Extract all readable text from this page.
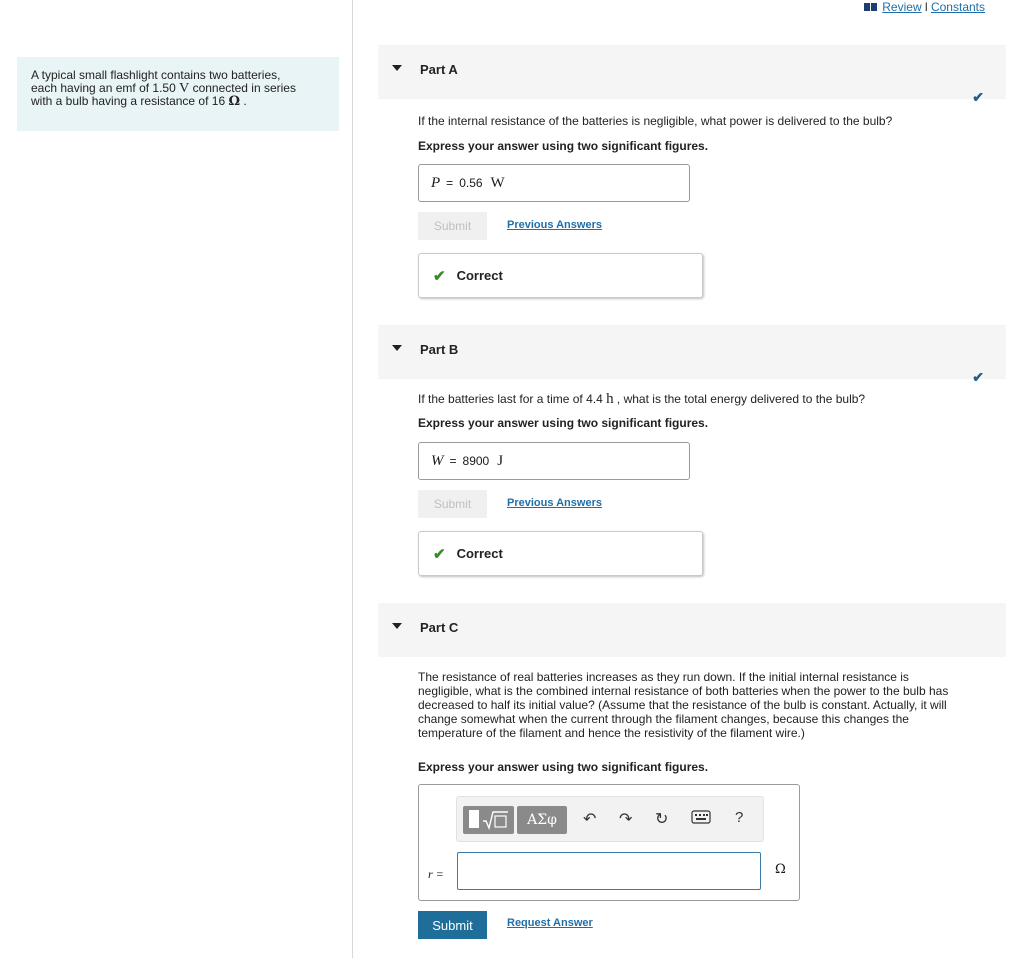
Review I Constants
A typical small flashlight contains two batteries,
each having an emf of 1.50 V connected in series
with a bulb having a resistance of 16 Ω .
Part A
✔
If the internal resistance of the batteries is negligible, what power is delivered to the bulb?
Express your answer using two significant figures.
P = 0.56 W
Submit	Previous Answers
✔ Correct
Part B
✔
If the batteries last for a time of 4.4 h , what is the total energy delivered to the bulb?
Express your answer using two significant figures.
W = 8900 J
Submit	Previous Answers
✔ Correct
Part C
The resistance of real batteries increases as they run down. If the initial internal resistance is
negligible, what is the combined internal resistance of both batteries when the power to the bulb has
decreased to half its initial value? (Assume that the resistance of the bulb is constant. Actually, it will
change somewhat when the current through the filament changes, because this changes the
temperature of the filament and hence the resistivity of the filament wire.)
Express your answer using two significant figures.
ΑΣφ	↶ ↷ ↻	?
r =	Ω
Submit	Request Answer
